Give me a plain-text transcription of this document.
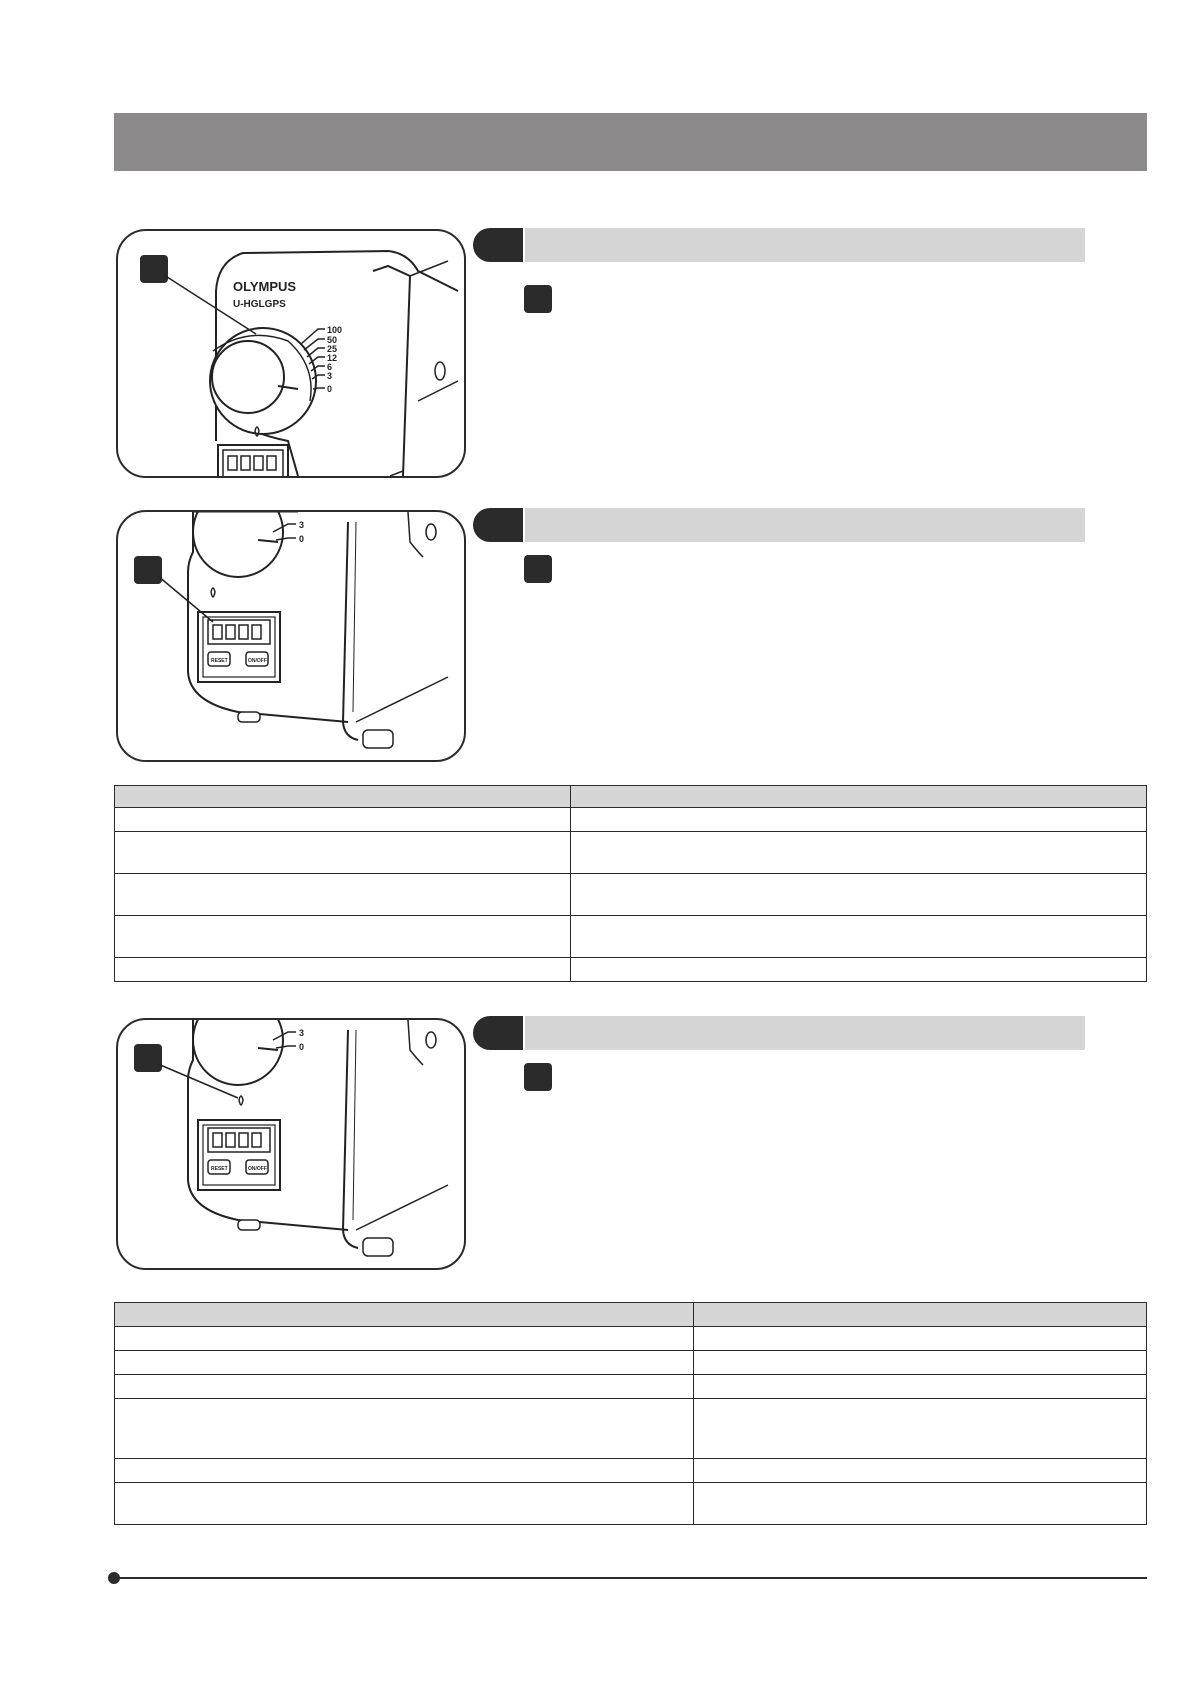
OLYMPUS
U-HGLGPS
100
50
25
12
6
3
0
3
0
RESET	ON/OFF

3
0
RESET	ON/OFF
